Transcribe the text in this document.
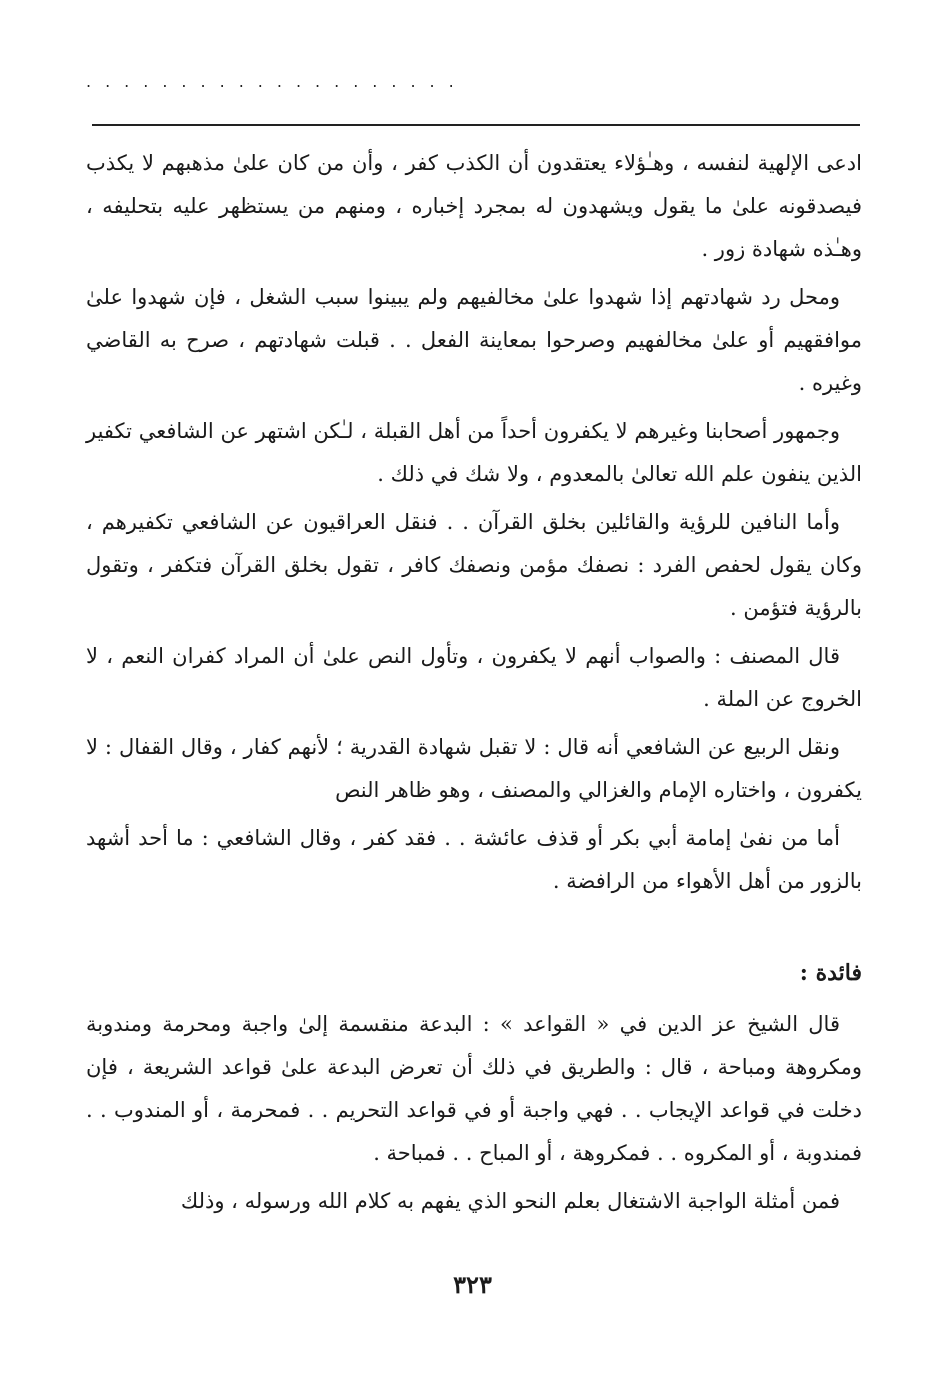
....................

ادعى الإلهية لنفسه ، وهـٰؤلاء يعتقدون أن الكذب كفر ، وأن من كان علىٰ مذهبهم لا يكذب فيصدقونه علىٰ ما يقول ويشهدون له بمجرد إخباره ، ومنهم من يستظهر عليه بتحليفه ، وهـٰذه شهادة زور .

ومحل رد شهادتهم إذا شهدوا علىٰ مخالفيهم ولم يبينوا سبب الشغل ، فإن شهدوا علىٰ موافقهيم أو علىٰ مخالفهيم وصرحوا بمعاينة الفعل . . قبلت شهادتهم ، صرح به القاضي وغيره .

وجمهور أصحابنا وغيرهم لا يكفرون أحداً من أهل القبلة ، لـٰكن اشتهر عن الشافعي تكفير الذين ينفون علم الله تعالىٰ بالمعدوم ، ولا شك في ذلك .

وأما النافين للرؤية والقائلين بخلق القرآن . . فنقل العراقيون عن الشافعي تكفيرهم ، وكان يقول لحفص الفرد : نصفك مؤمن ونصفك كافر ، تقول بخلق القرآن فتكفر ، وتقول بالرؤية فتؤمن .

قال المصنف : والصواب أنهم لا يكفرون ، وتأول النص علىٰ أن المراد كفران النعم ، لا الخروج عن الملة .

ونقل الربيع عن الشافعي أنه قال : لا تقبل شهادة القدرية ؛ لأنهم كفار ، وقال القفال : لا يكفرون ، واختاره الإمام والغزالي والمصنف ، وهو ظاهر النص

أما من نفىٰ إمامة أبي بكر أو قذف عائشة . . فقد كفر ، وقال الشافعي : ما أحد أشهد بالزور من أهل الأهواء من الرافضة .

فائدة :

قال الشيخ عز الدين في « القواعد » : البدعة منقسمة إلىٰ واجبة ومحرمة ومندوبة ومكروهة ومباحة ، قال : والطريق في ذلك أن تعرض البدعة علىٰ قواعد الشريعة ، فإن دخلت في قواعد الإيجاب . . فهي واجبة أو في قواعد التحريم . . فمحرمة ، أو المندوب . . فمندوبة ، أو المكروه . . فمكروهة ، أو المباح . . فمباحة .

فمن أمثلة الواجبة الاشتغال بعلم النحو الذي يفهم به كلام الله ورسوله ، وذلك

٣٢٣
